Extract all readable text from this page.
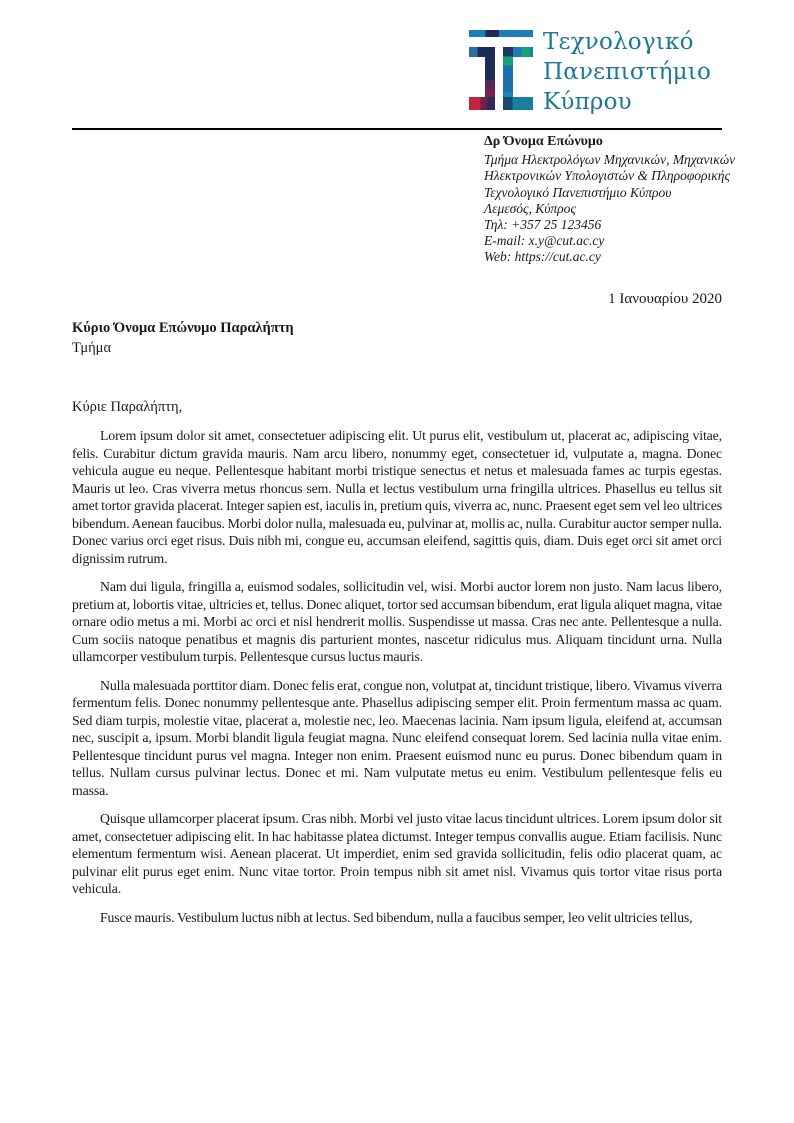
Τεχνολογικό
Πανεπιστήμιο
Κύπρου
Δρ Όνομα Επώνυμο
Τμήμα Ηλεκτρολόγων Μηχανικών, Μηχανικών
Ηλεκτρονικών Υπολογιστών & Πληροφορικής
Τεχνολογικό Πανεπιστήμιο Κύπρου
Λεμεσός, Κύπρος
Τηλ: +357 25 123456
E-mail: x.y@cut.ac.cy
Web: https://cut.ac.cy
1 Ιανουαρίου 2020
Κύριο Όνομα Επώνυμο Παραλήπτη
Τμήμα
Κύριε Παραλήπτη,

Lorem ipsum dolor sit amet, consectetuer adipiscing elit. Ut purus elit, vestibulum ut, placerat ac, adipiscing vitae, felis. Curabitur dictum gravida mauris. Nam arcu libero, nonummy eget, consectetuer id, vulputate a, magna. Donec vehicula augue eu neque. Pellentesque habitant morbi tristique senectus et netus et malesuada fames ac turpis egestas. Mauris ut leo. Cras viverra metus rhoncus sem. Nulla et lectus vestibulum urna fringilla ultrices. Phasellus eu tellus sit amet tortor gravida placerat. Integer sapien est, iaculis in, pretium quis, viverra ac, nunc. Praesent eget sem vel leo ultrices bibendum. Aenean faucibus. Morbi dolor nulla, malesuada eu, pulvinar at, mollis ac, nulla. Curabitur auctor semper nulla. Donec varius orci eget risus. Duis nibh mi, congue eu, accumsan eleifend, sagittis quis, diam. Duis eget orci sit amet orci dignissim rutrum.

Nam dui ligula, fringilla a, euismod sodales, sollicitudin vel, wisi. Morbi auctor lorem non justo. Nam lacus libero, pretium at, lobortis vitae, ultricies et, tellus. Donec aliquet, tortor sed accumsan bibendum, erat ligula aliquet magna, vitae ornare odio metus a mi. Morbi ac orci et nisl hendrerit mollis. Suspendisse ut massa. Cras nec ante. Pellentesque a nulla. Cum sociis natoque penatibus et magnis dis parturient montes, nascetur ridiculus mus. Aliquam tincidunt urna. Nulla ullamcorper vestibulum turpis. Pellentesque cursus luctus mauris.

Nulla malesuada porttitor diam. Donec felis erat, congue non, volutpat at, tincidunt tristique, libero. Vivamus viverra fermentum felis. Donec nonummy pellentesque ante. Phasellus adipiscing semper elit. Proin fermentum massa ac quam. Sed diam turpis, molestie vitae, placerat a, molestie nec, leo. Maecenas lacinia. Nam ipsum ligula, eleifend at, accumsan nec, suscipit a, ipsum. Morbi blandit ligula feugiat magna. Nunc eleifend consequat lorem. Sed lacinia nulla vitae enim. Pellentesque tincidunt purus vel magna. Integer non enim. Praesent euismod nunc eu purus. Donec bibendum quam in tellus. Nullam cursus pulvinar lectus. Donec et mi. Nam vulputate metus eu enim. Vestibulum pellentesque felis eu massa.

Quisque ullamcorper placerat ipsum. Cras nibh. Morbi vel justo vitae lacus tincidunt ultrices. Lorem ipsum dolor sit amet, consectetuer adipiscing elit. In hac habitasse platea dictumst. Integer tempus convallis augue. Etiam facilisis. Nunc elementum fermentum wisi. Aenean placerat. Ut imperdiet, enim sed gravida sollicitudin, felis odio placerat quam, ac pulvinar elit purus eget enim. Nunc vitae tortor. Proin tempus nibh sit amet nisl. Vivamus quis tortor vitae risus porta vehicula.

Fusce mauris. Vestibulum luctus nibh at lectus. Sed bibendum, nulla a faucibus semper, leo velit ultricies tellus,
